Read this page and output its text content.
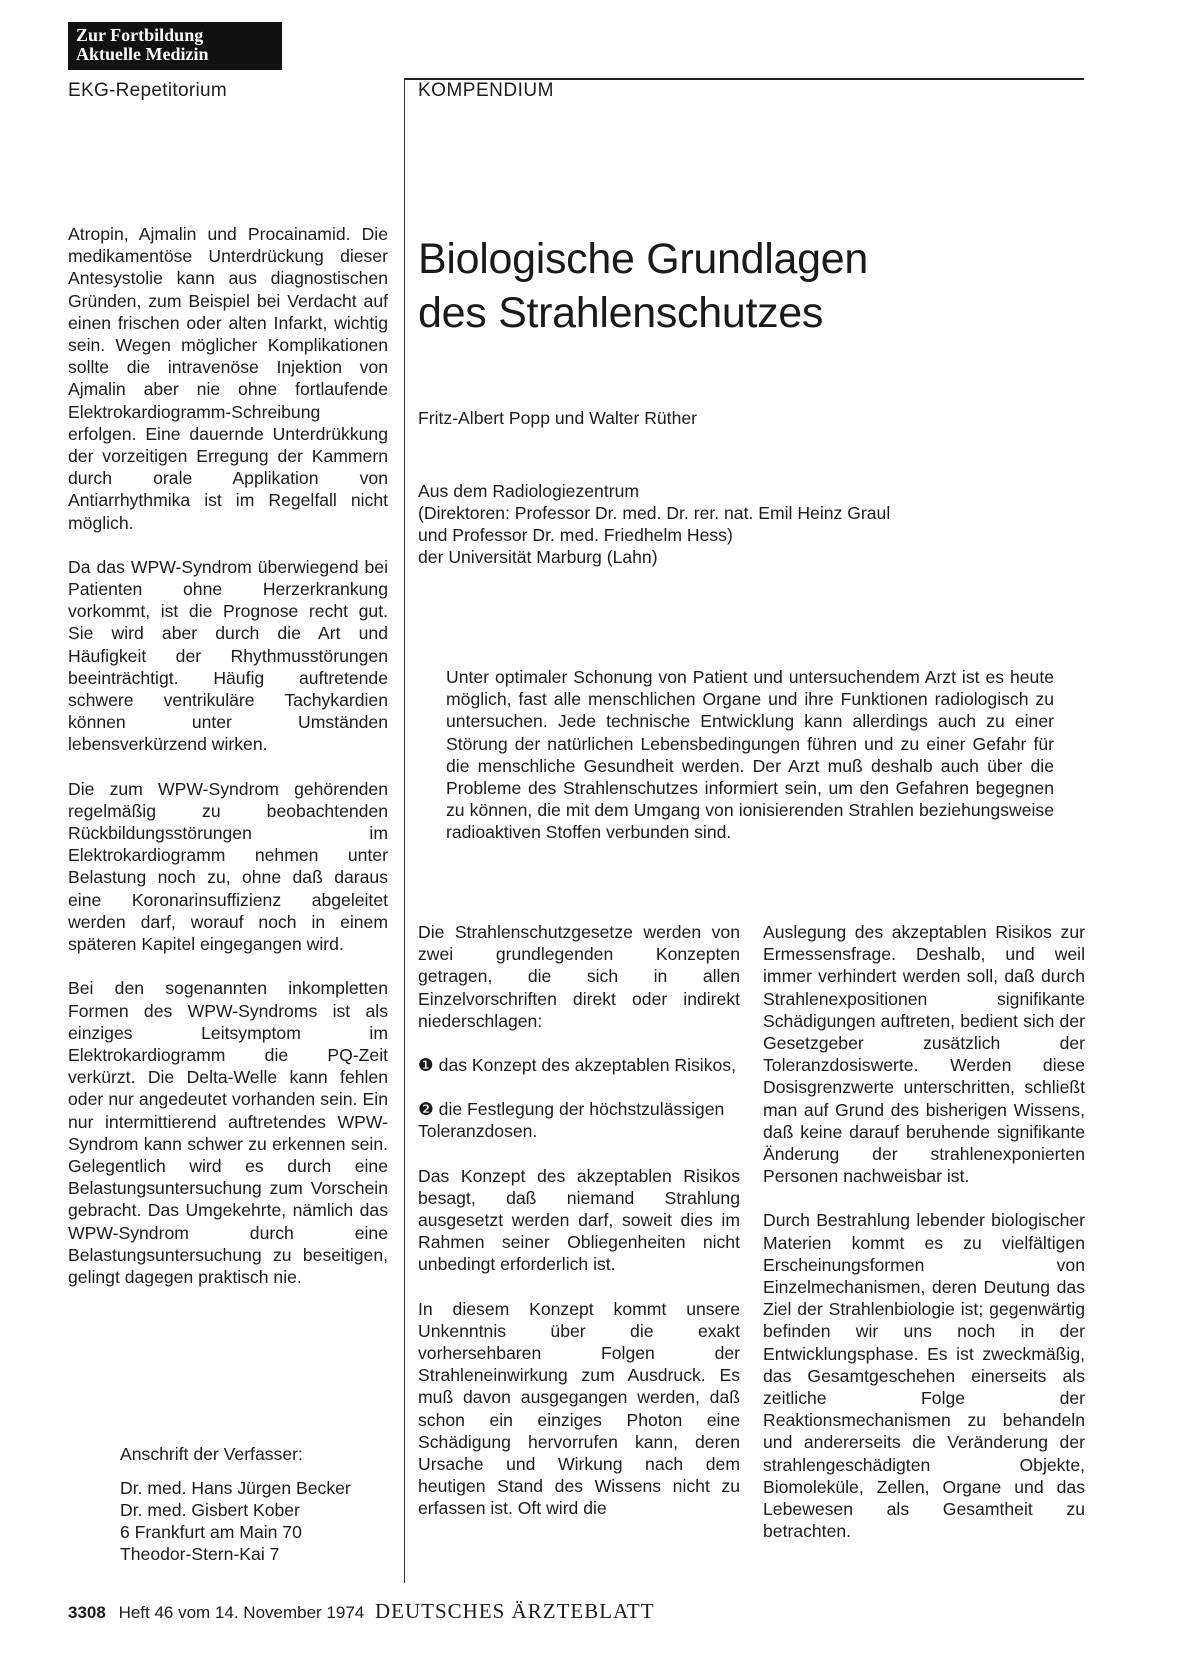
Zur Fortbildung
Aktuelle Medizin
EKG-Repetitorium	KOMPENDIUM

Atropin, Ajmalin und Procainamid. Die medikamentöse Unterdrückung dieser Antesystolie kann aus diagnostischen Gründen, zum Beispiel bei Verdacht auf einen frischen oder alten Infarkt, wichtig sein. Wegen möglicher Komplikationen sollte die intravenöse Injektion von Ajmalin aber nie ohne fortlaufende Elektrokardiogramm-Schreibung erfolgen. Eine dauernde Unterdrükkung der vorzeitigen Erregung der Kammern durch orale Applikation von Antiarrhythmika ist im Regelfall nicht möglich.

Da das WPW-Syndrom überwiegend bei Patienten ohne Herzerkrankung vorkommt, ist die Prognose recht gut. Sie wird aber durch die Art und Häufigkeit der Rhythmusstörungen beeinträchtigt. Häufig auftretende schwere ventrikuläre Tachykardien können unter Umständen lebensverkürzend wirken.

Die zum WPW-Syndrom gehörenden regelmäßig zu beobachtenden Rückbildungsstörungen im Elektrokardiogramm nehmen unter Belastung noch zu, ohne daß daraus eine Koronarinsuffizienz abgeleitet werden darf, worauf noch in einem späteren Kapitel eingegangen wird.

Bei den sogenannten inkompletten Formen des WPW-Syndroms ist als einziges Leitsymptom im Elektrokardiogramm die PQ-Zeit verkürzt. Die Delta-Welle kann fehlen oder nur angedeutet vorhanden sein. Ein nur intermittierend auftretendes WPW-Syndrom kann schwer zu erkennen sein. Gelegentlich wird es durch eine Belastungsuntersuchung zum Vorschein gebracht. Das Umgekehrte, nämlich das WPW-Syndrom durch eine Belastungsuntersuchung zu beseitigen, gelingt dagegen praktisch nie.

Anschrift der Verfasser:
Dr. med. Hans Jürgen Becker
Dr. med. Gisbert Kober
6 Frankfurt am Main 70
Theodor-Stern-Kai 7
Biologische Grundlagen
des Strahlenschutzes
Fritz-Albert Popp und Walter Rüther
Aus dem Radiologiezentrum
(Direktoren: Professor Dr. med. Dr. rer. nat. Emil Heinz Graul
und Professor Dr. med. Friedhelm Hess)
der Universität Marburg (Lahn)
Unter optimaler Schonung von Patient und untersuchendem Arzt ist es heute möglich, fast alle menschlichen Organe und ihre Funktionen radiologisch zu untersuchen. Jede technische Entwicklung kann allerdings auch zu einer Störung der natürlichen Lebensbedingungen führen und zu einer Gefahr für die menschliche Gesundheit werden. Der Arzt muß deshalb auch über die Probleme des Strahlenschutzes informiert sein, um den Gefahren begegnen zu können, die mit dem Umgang von ionisierenden Strahlen beziehungsweise radioaktiven Stoffen verbunden sind.

Die Strahlenschutzgesetze werden von zwei grundlegenden Konzepten getragen, die sich in allen Einzelvorschriften direkt oder indirekt niederschlagen:

❶ das Konzept des akzeptablen Risikos,

❷ die Festlegung der höchstzulässigen Toleranzdosen.

Das Konzept des akzeptablen Risikos besagt, daß niemand Strahlung ausgesetzt werden darf, soweit dies im Rahmen seiner Obliegenheiten nicht unbedingt erforderlich ist.

In diesem Konzept kommt unsere Unkenntnis über die exakt vorhersehbaren Folgen der Strahleneinwirkung zum Ausdruck. Es muß davon ausgegangen werden, daß schon ein einziges Photon eine Schädigung hervorrufen kann, deren Ursache und Wirkung nach dem heutigen Stand des Wissens nicht zu erfassen ist. Oft wird die

Auslegung des akzeptablen Risikos zur Ermessensfrage. Deshalb, und weil immer verhindert werden soll, daß durch Strahlenexpositionen signifikante Schädigungen auftreten, bedient sich der Gesetzgeber zusätzlich der Toleranzdosiswerte. Werden diese Dosisgrenzwerte unterschritten, schließt man auf Grund des bisherigen Wissens, daß keine darauf beruhende signifikante Änderung der strahlenexponierten Personen nachweisbar ist.

Durch Bestrahlung lebender biologischer Materien kommt es zu vielfältigen Erscheinungsformen von Einzelmechanismen, deren Deutung das Ziel der Strahlenbiologie ist; gegenwärtig befinden wir uns noch in der Entwicklungsphase. Es ist zweckmäßig, das Gesamtgeschehen einerseits als zeitliche Folge der Reaktionsmechanismen zu behandeln und andererseits die Veränderung der strahlengeschädigten Objekte, Biomoleküle, Zellen, Organe und das Lebewesen als Gesamtheit zu betrachten.

3308 Heft 46 vom 14. November 1974 DEUTSCHES ÄRZTEBLATT
